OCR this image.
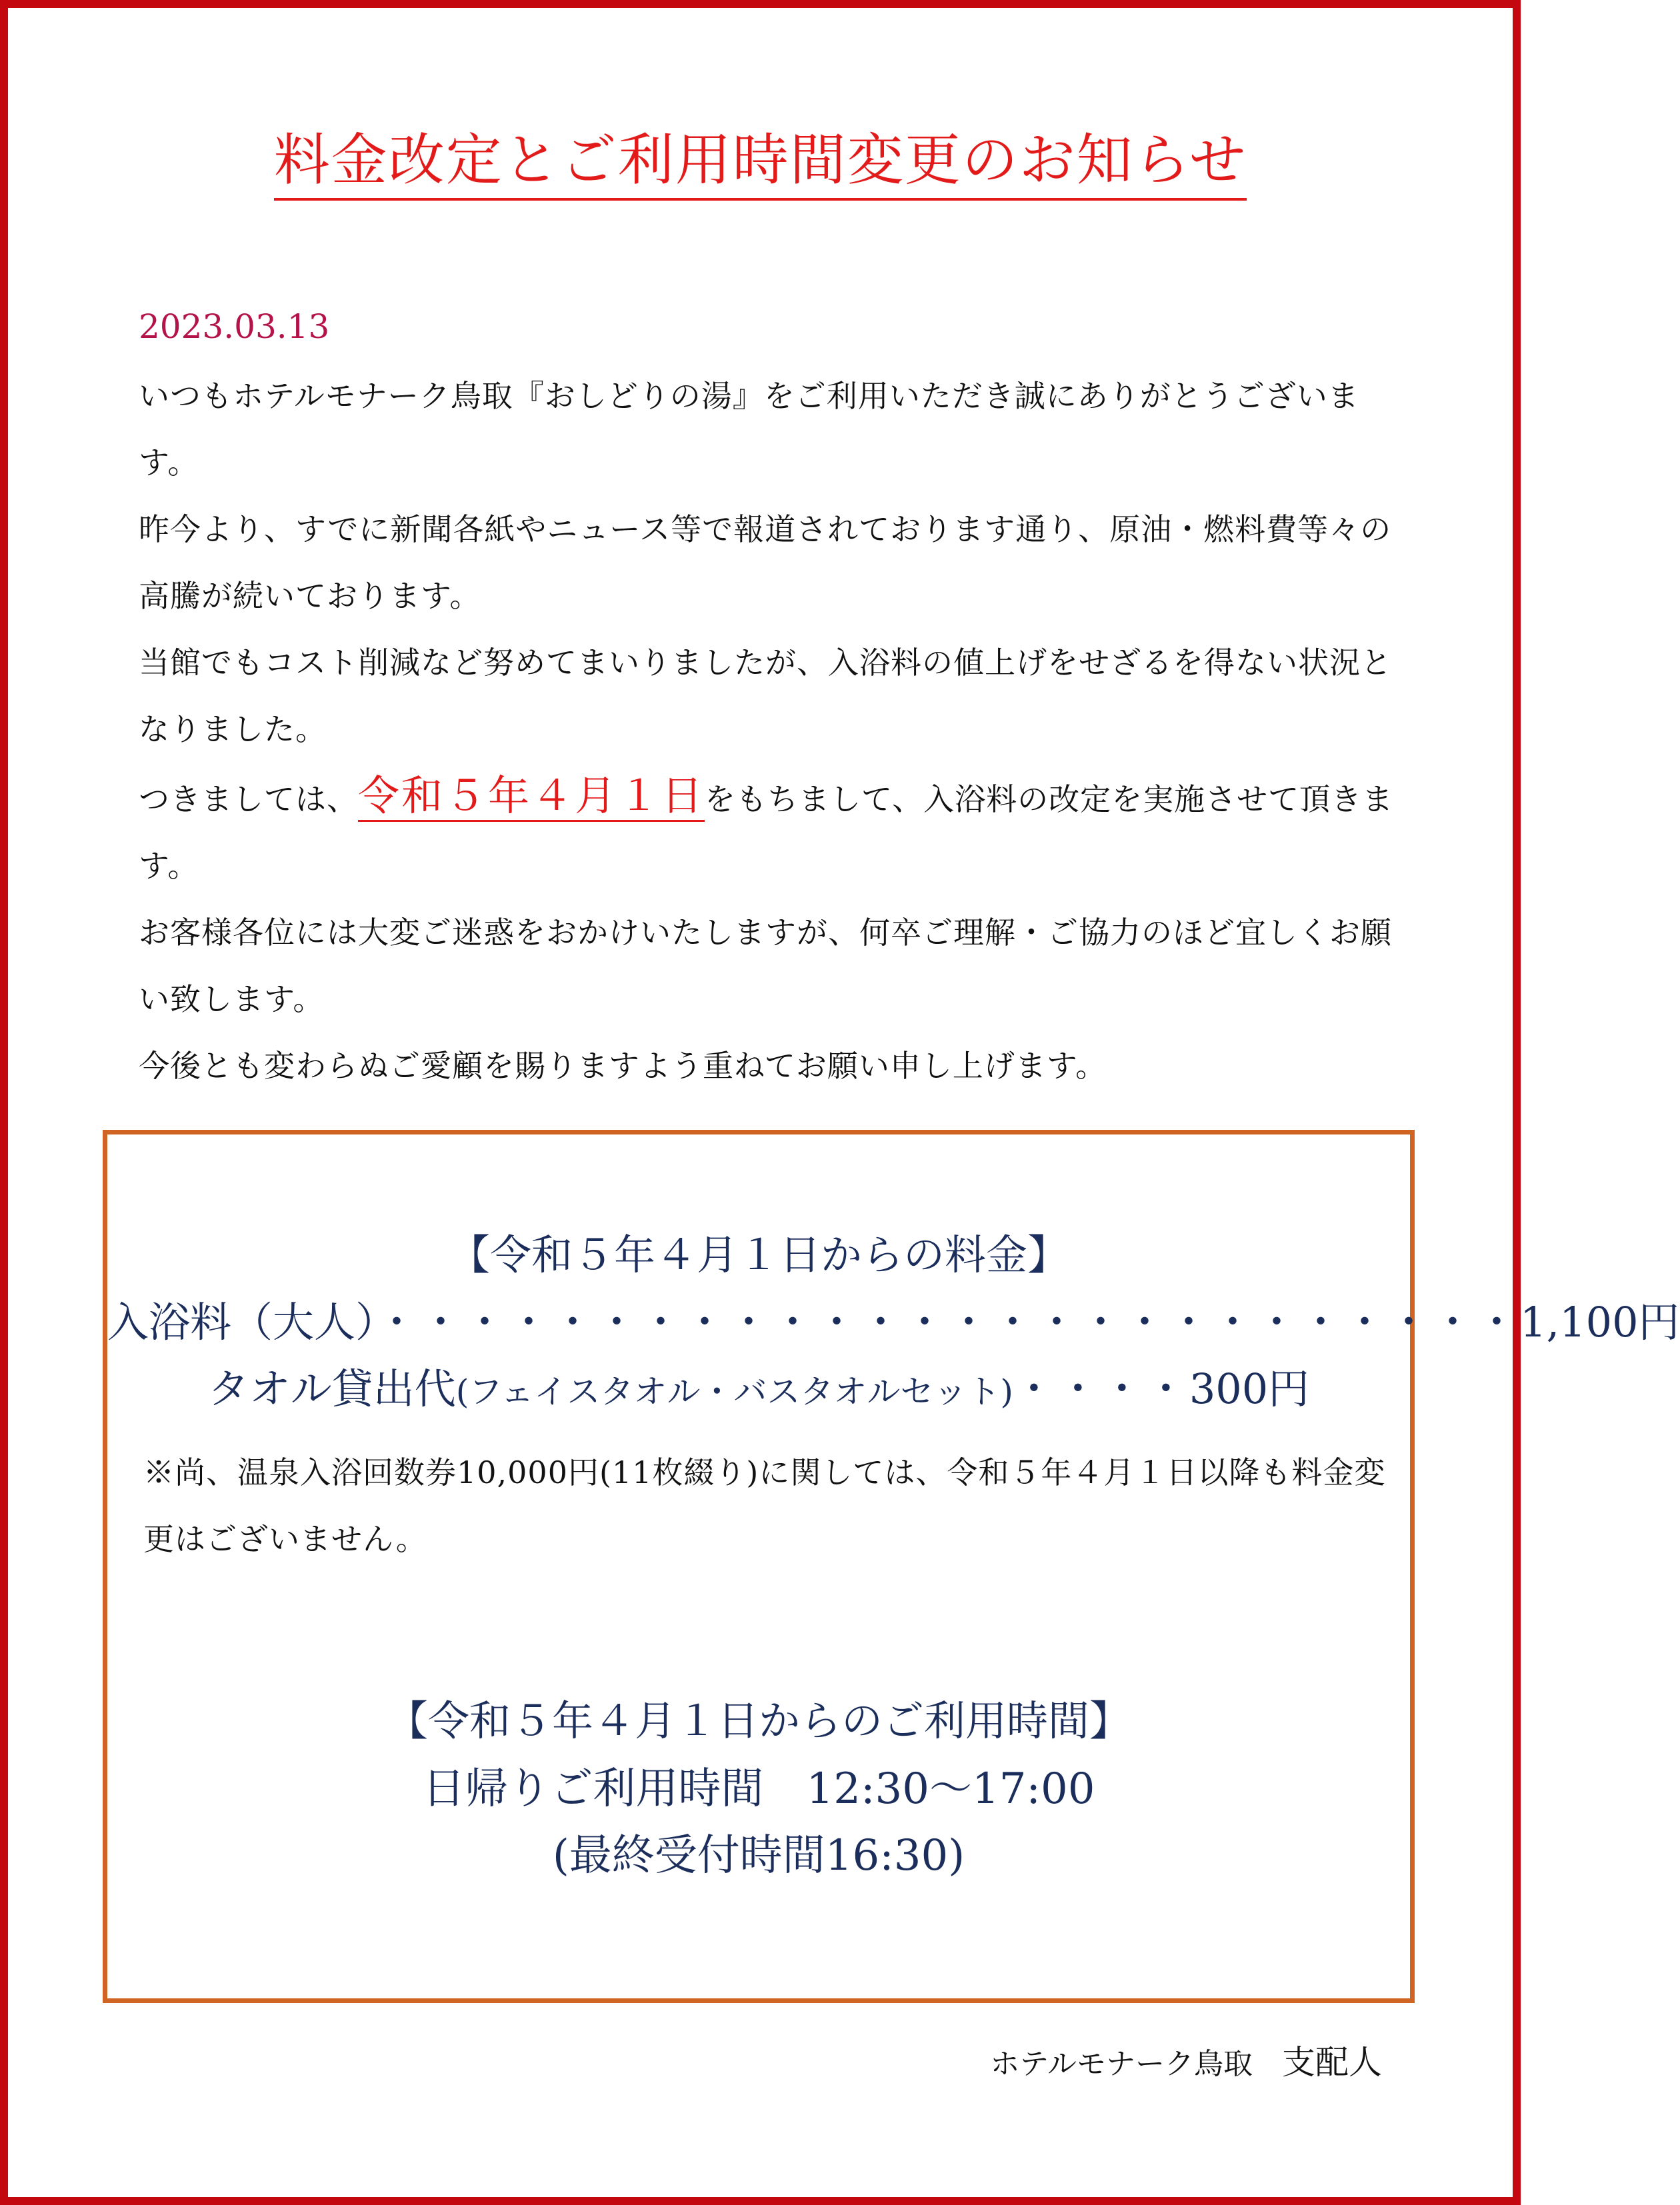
料金改定とご利用時間変更のお知らせ
2023.03.13

いつもホテルモナーク鳥取『おしどりの湯』をご利用いただき誠にありがとうございます。

昨今より、すでに新聞各紙やニュース等で報道されております通り、原油・燃料費等々の高騰が続いております。

当館でもコスト削減など努めてまいりましたが、入浴料の値上げをせざるを得ない状況となりました。

つきましては、令和５年４月１日をもちまして、入浴料の改定を実施させて頂きます。

お客様各位には大変ご迷惑をおかけいたしますが、何卒ご理解・ご協力のほど宜しくお願い致します。

今後とも変わらぬご愛顧を賜りますよう重ねてお願い申し上げます。

【令和５年４月１日からの料金】
入浴料（大人）・・・・・・・・・・・・・・・・・・・・・・・・・・1,100円
タオル貸出代(フェイスタオル・バスタオルセット)・・・・300円
※尚、温泉入浴回数券10,000円(11枚綴り)に関しては、令和５年４月１日以降も料金変更はございません。
【令和５年４月１日からのご利用時間】
日帰りご利用時間　12:30〜17:00
(最終受付時間16:30)
ホテルモナーク鳥取　 支配人
